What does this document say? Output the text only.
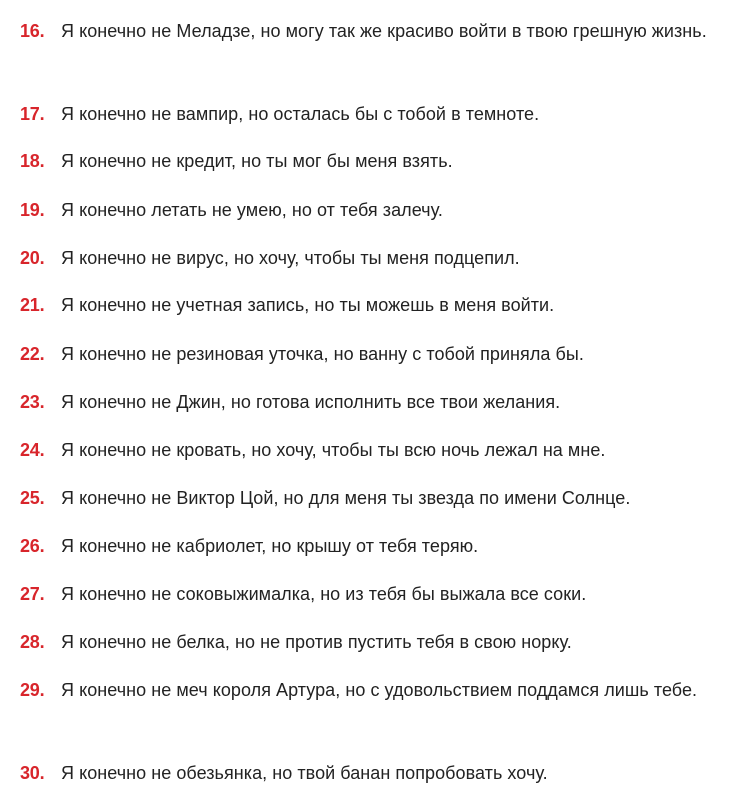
16. Я конечно не Меладзе, но могу так же красиво войти в твою грешную жизнь.
17. Я конечно не вампир, но осталась бы с тобой в темноте.
18. Я конечно не кредит, но ты мог бы меня взять.
19. Я конечно летать не умею, но от тебя залечу.
20. Я конечно не вирус, но хочу, чтобы ты меня подцепил.
21. Я конечно не учетная запись, но ты можешь в меня войти.
22. Я конечно не резиновая уточка, но ванну с тобой приняла бы.
23. Я конечно не Джин, но готова исполнить все твои желания.
24. Я конечно не кровать, но хочу, чтобы ты всю ночь лежал на мне.
25. Я конечно не Виктор Цой, но для меня ты звезда по имени Солнце.
26. Я конечно не кабриолет, но крышу от тебя теряю.
27. Я конечно не соковыжималка, но из тебя бы выжала все соки.
28. Я конечно не белка, но не против пустить тебя в свою норку.
29. Я конечно не меч короля Артура, но с удовольствием поддамся лишь тебе.
30. Я конечно не обезьянка, но твой банан попробовать хочу.
